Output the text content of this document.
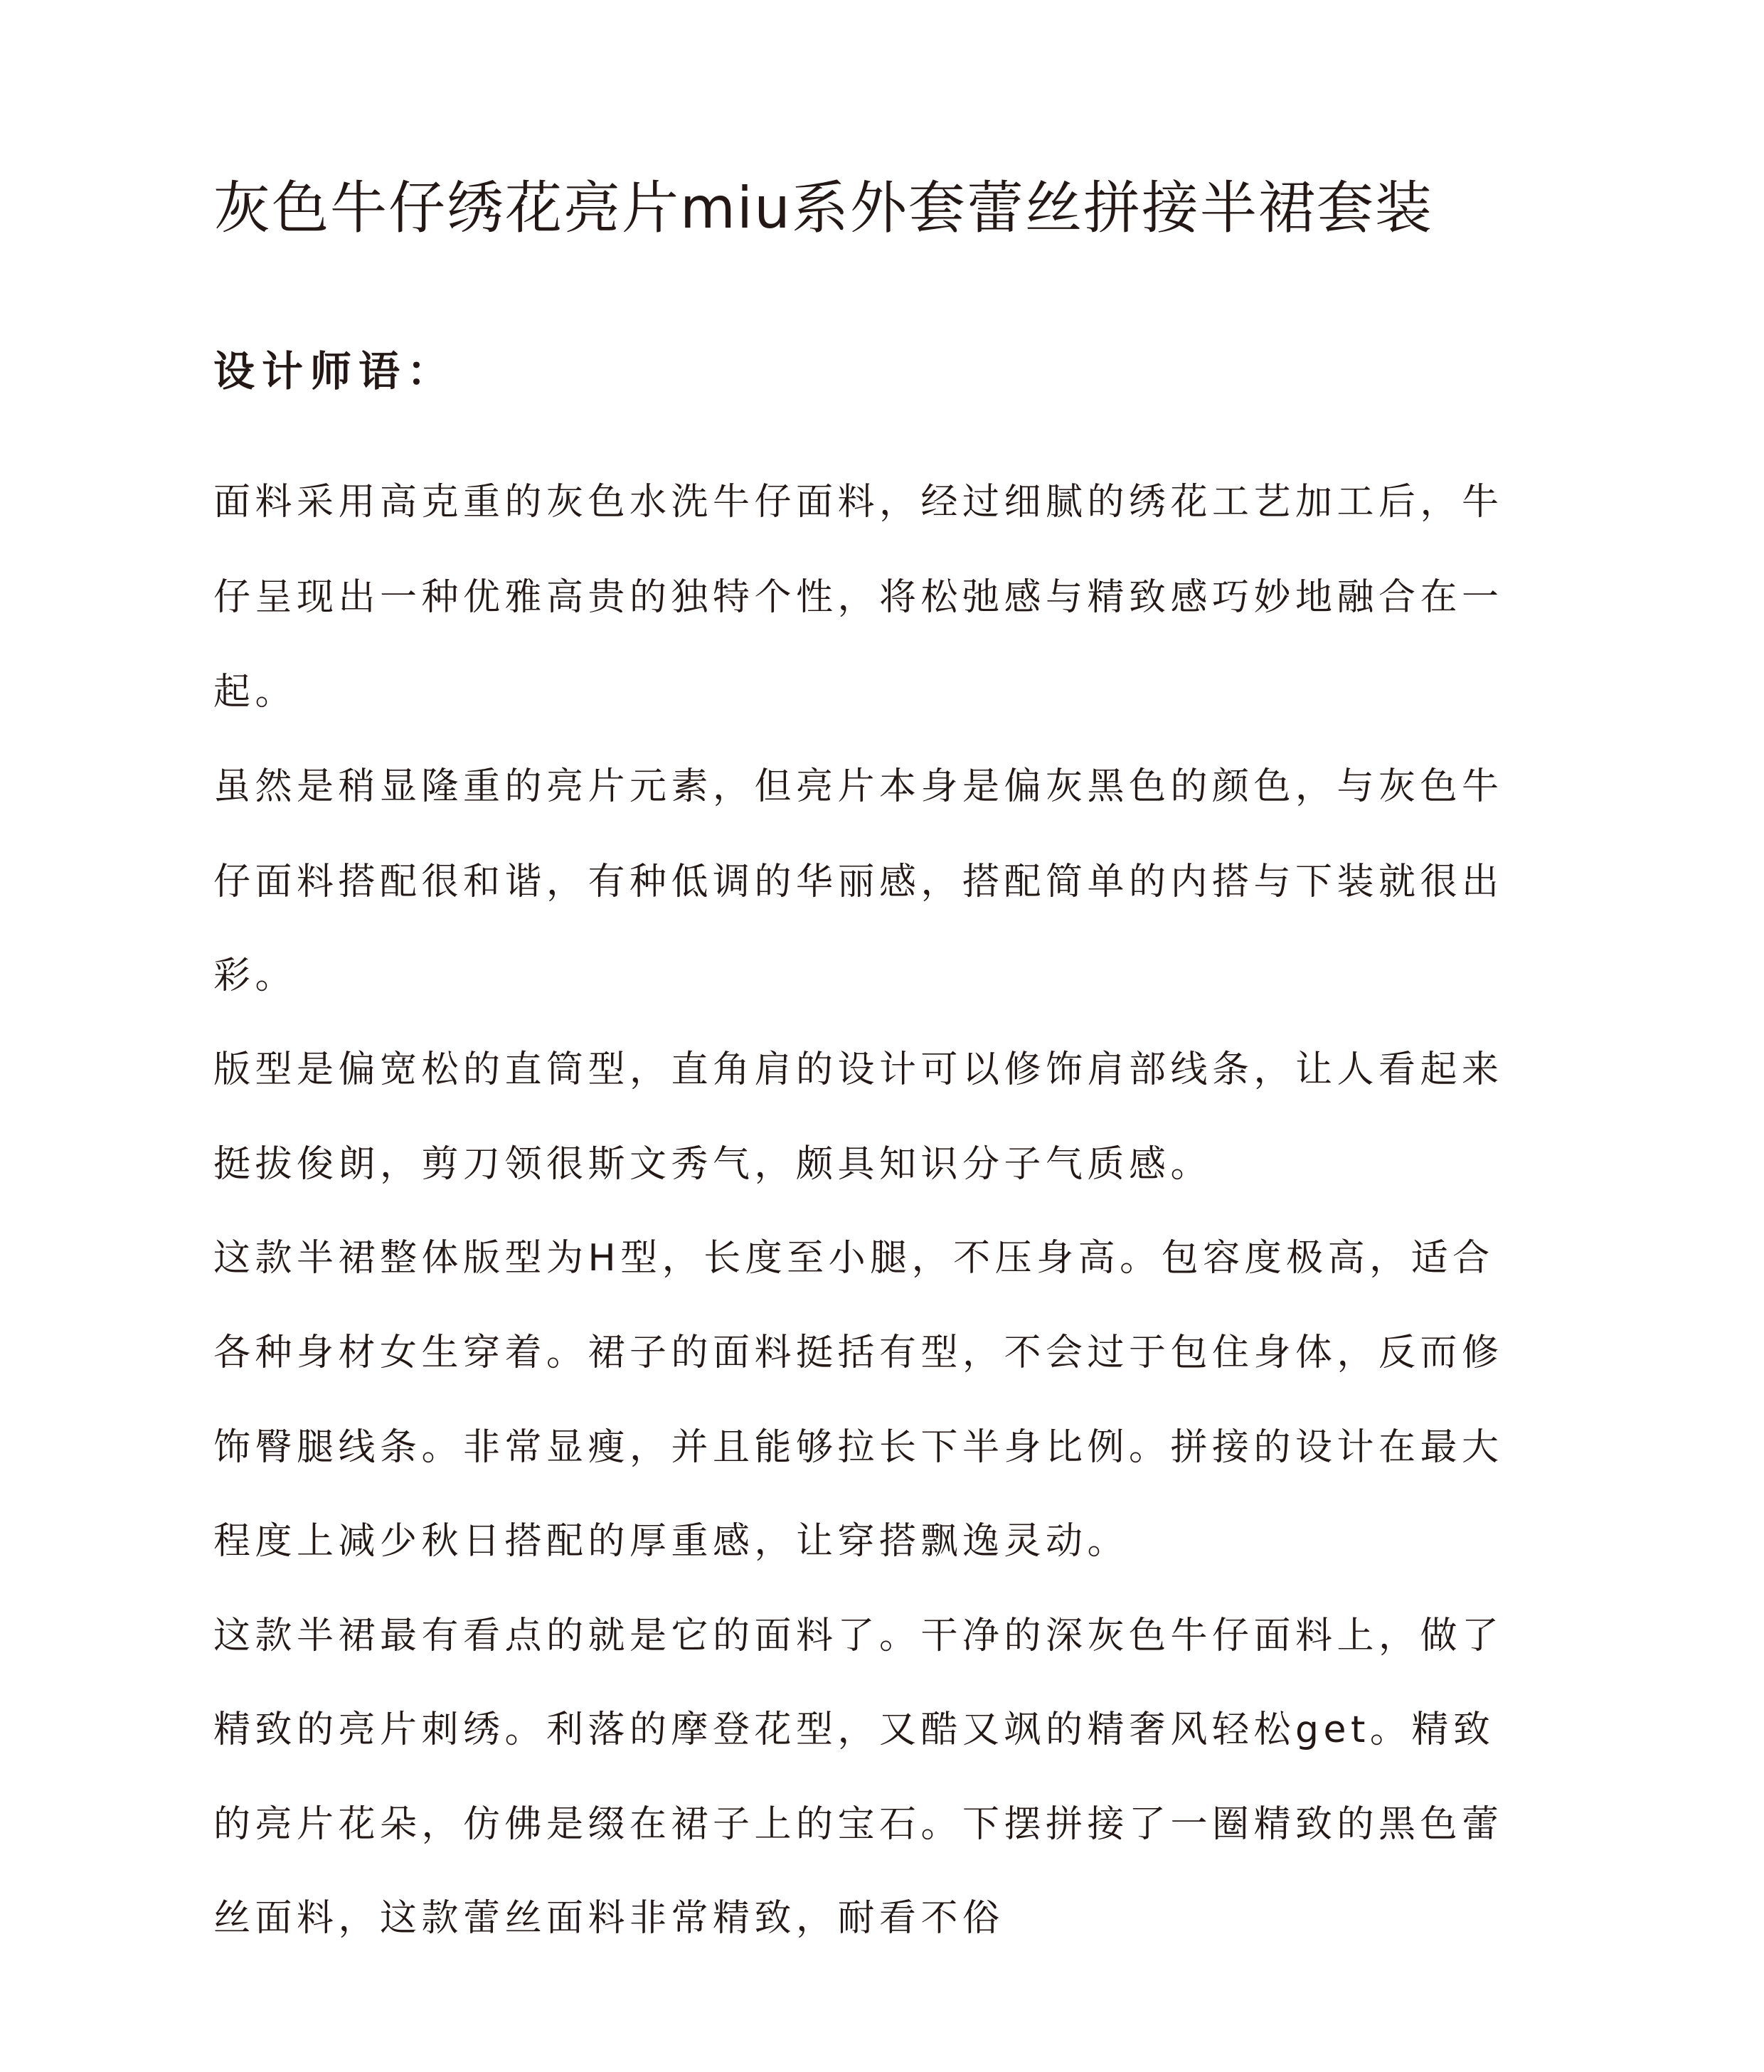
灰色牛仔绣花亮片miu系外套蕾丝拼接半裙套装
设计师语：
面料采用高克重的灰色水洗牛仔面料，经过细腻的绣花工艺加工后，牛
仔呈现出一种优雅高贵的独特个性，将松弛感与精致感巧妙地融合在一
起。
虽然是稍显隆重的亮片元素，但亮片本身是偏灰黑色的颜色，与灰色牛
仔面料搭配很和谐，有种低调的华丽感，搭配简单的内搭与下装就很出
彩。
版型是偏宽松的直筒型，直角肩的设计可以修饰肩部线条，让人看起来
挺拔俊朗，剪刀领很斯文秀气，颇具知识分子气质感。
这款半裙整体版型为H型，长度至小腿，不压身高。包容度极高，适合
各种身材女生穿着。裙子的面料挺括有型，不会过于包住身体，反而修
饰臀腿线条。非常显瘦，并且能够拉长下半身比例。拼接的设计在最大
程度上减少秋日搭配的厚重感，让穿搭飘逸灵动。
这款半裙最有看点的就是它的面料了。干净的深灰色牛仔面料上，做了
精致的亮片刺绣。利落的摩登花型，又酷又飒的精奢风轻松get。精致
的亮片花朵，仿佛是缀在裙子上的宝石。下摆拼接了一圈精致的黑色蕾
丝面料，这款蕾丝面料非常精致，耐看不俗
